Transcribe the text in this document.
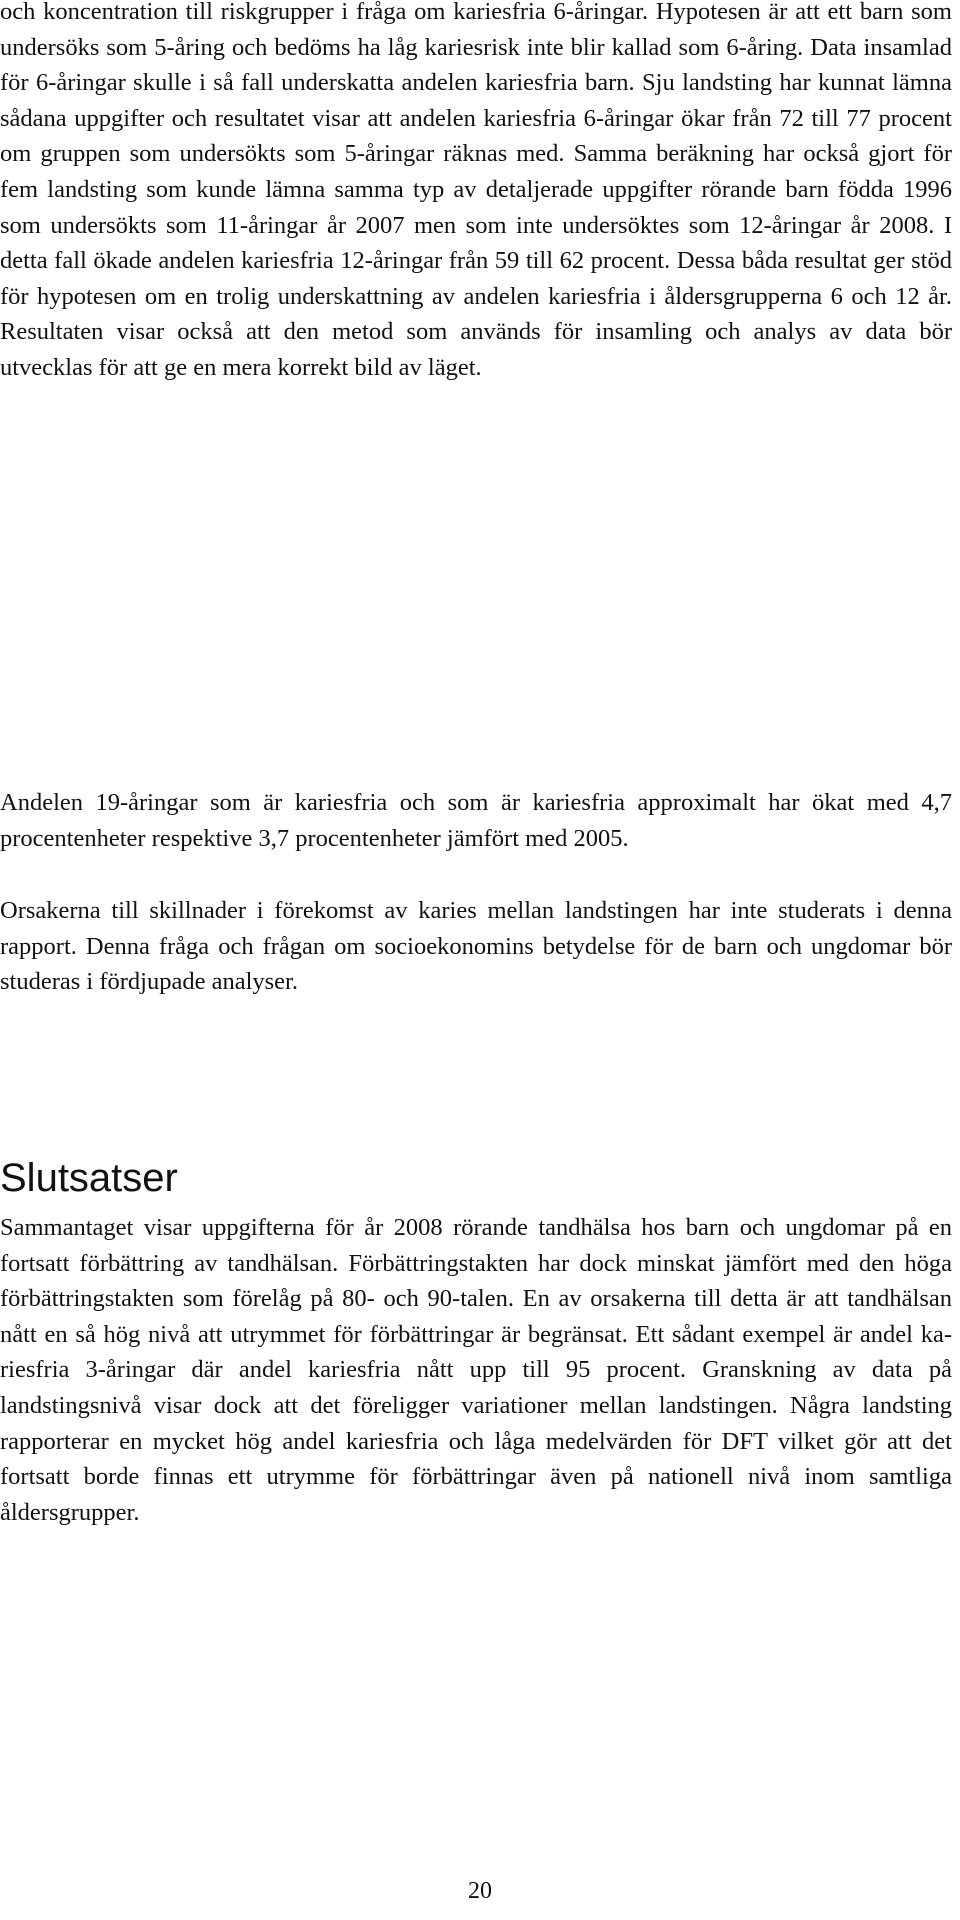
och koncentration till riskgrupper i fråga om kariesfria 6-åringar. Hypotesen är att ett barn som undersöks som 5-åring och bedöms ha låg kariesrisk inte blir kallad som 6-åring. Data insamlad för 6-åringar skulle i så fall underskatta andelen kariesfria barn. Sju landsting har kunnat lämna sådana uppgifter och resultatet visar att andelen kariesfria 6-åringar ökar från 72 till 77 procent om gruppen som undersökts som 5-åringar räknas med. Samma beräkning har också gjort för fem landsting som kunde lämna samma typ av detaljerade uppgifter rörande barn födda 1996 som undersökts som 11-åringar år 2007 men som inte undersöktes som 12-åringar år 2008. I detta fall ökade andelen kariesfria 12-åringar från 59 till 62 procent. Dessa båda resultat ger stöd för hypotesen om en trolig underskattning av andelen kariesfria i åldersgrupperna 6 och 12 år. Resultaten visar också att den metod som används för insamling och analys av data bör utvecklas för att ge en mera korrekt bild av läget.

Andelen 19-åringar som är kariesfria och som är kariesfria approximalt har ökat med 4,7 procentenheter respektive 3,7 procentenheter jämfört med 2005.

Orsakerna till skillnader i förekomst av karies mellan landstingen har inte studerats i denna rapport. Denna fråga och frågan om socioekonomins betydelse för de barn och ungdomar bör studeras i fördjupade analyser.

Slutsatser

Sammantaget visar uppgifterna för år 2008 rörande tandhälsa hos barn och ungdomar på en fortsatt förbättring av tandhälsan. Förbättringstakten har dock minskat jämfört med den höga förbättringstakten som förelåg på 80- och 90-talen. En av orsakerna till detta är att tandhälsan nått en så hög nivå att utrymmet för förbättringar är begränsat. Ett sådant exempel är andel kariesfria 3-åringar där andel kariesfria nått upp till 95 procent. Granskning av data på landstingsnivå visar dock att det föreligger variationer mellan landstingen. Några landsting rapporterar en mycket hög andel kariesfria och låga medelvärden för DFT vilket gör att det fortsatt borde finnas ett utrymme för förbättringar även på nationell nivå inom samtliga åldersgrupper.

20
